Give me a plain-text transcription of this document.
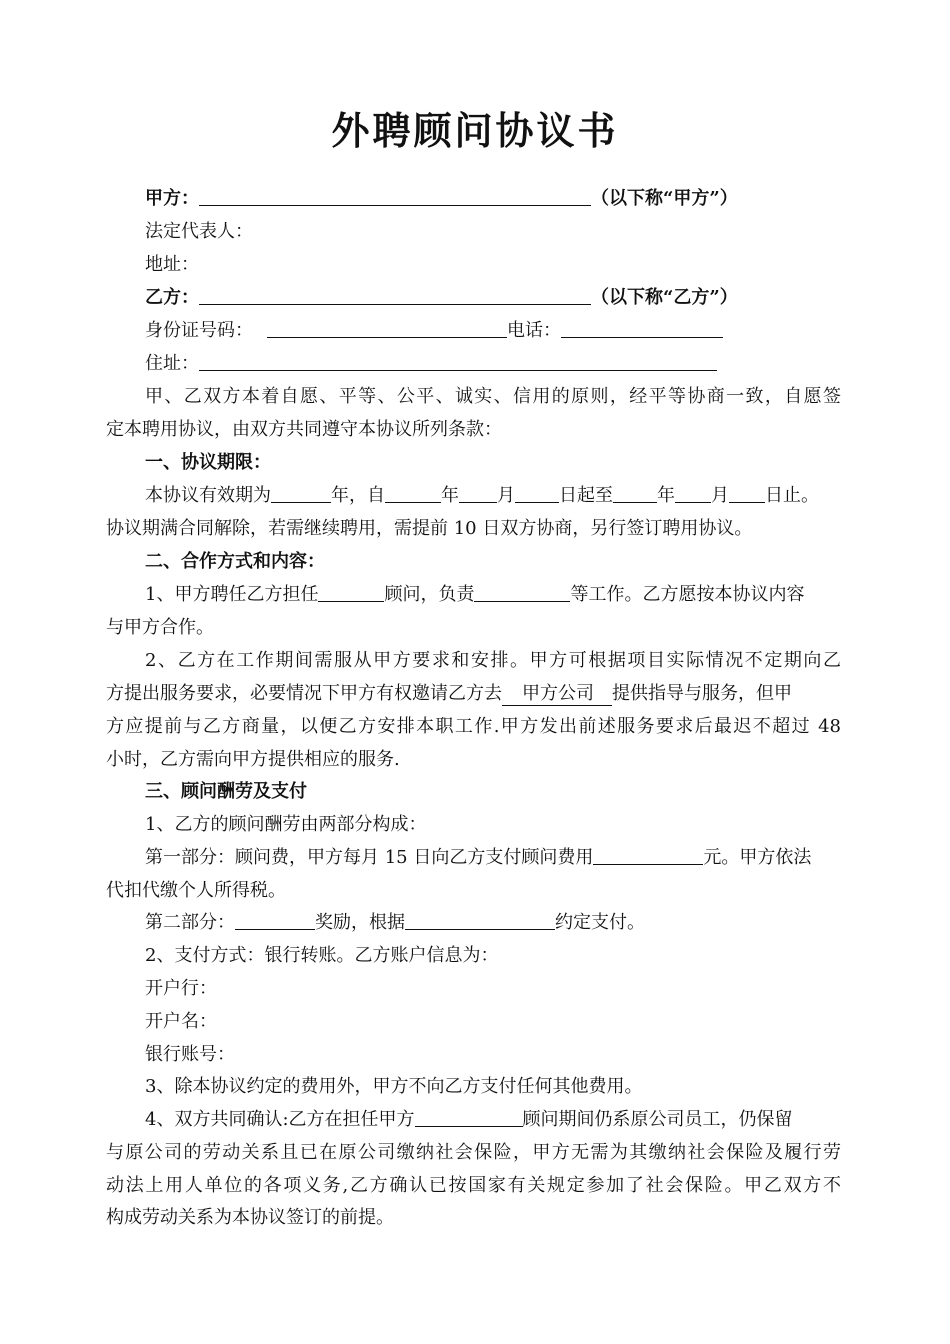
外聘顾问协议书
甲方：	（以下称“甲方”）
法定代表人：
地址：
乙方：	（以下称“乙方”）
身份证号码：	电话：
住址：
甲、乙双方本着自愿、平等、公平、诚实、信用的原则，经平等协商一致，自愿签
定本聘用协议，由双方共同遵守本协议所列条款：
一、协议期限：
本协议有效期为	年，自	年 月 日起至 年 月 日止。
协议期满合同解除，若需继续聘用，需提前 10 日双方协商，另行签订聘用协议。
二、合作方式和内容：
1、甲方聘任乙方担任	顾问，负责	等工作。乙方愿按本协议内容
与甲方合作。
2、乙方在工作期间需服从甲方要求和安排。甲方可根据项目实际情况不定期向乙
方提出服务要求，必要情况下甲方有权邀请乙方去 甲方公司 提供指导与服务，但甲
方应提前与乙方商量，以便乙方安排本职工作.甲方发出前述服务要求后最迟不超过 48
小时，乙方需向甲方提供相应的服务.
三、顾问酬劳及支付
1、乙方的顾问酬劳由两部分构成：
第一部分：顾问费，甲方每月 15 日向乙方支付顾问费用	元。甲方依法
代扣代缴个人所得税。
第二部分：	奖励，根据	约定支付。
2、支付方式：银行转账。乙方账户信息为：
开户行：
开户名：
银行账号：
3、除本协议约定的费用外，甲方不向乙方支付任何其他费用。
4、双方共同确认:乙方在担任甲方	顾问期间仍系原公司员工，仍保留
与原公司的劳动关系且已在原公司缴纳社会保险，甲方无需为其缴纳社会保险及履行劳
动法上用人单位的各项义务,乙方确认已按国家有关规定参加了社会保险。甲乙双方不
构成劳动关系为本协议签订的前提。
